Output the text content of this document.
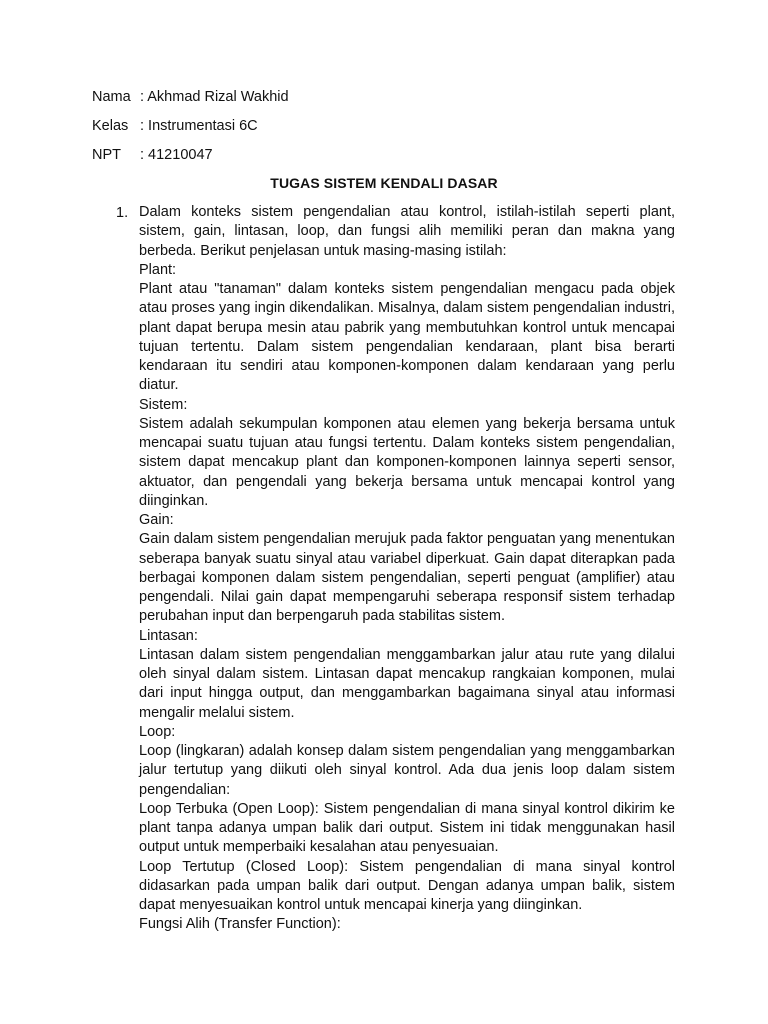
Nama : Akhmad Rizal Wakhid
Kelas : Instrumentasi 6C
NPT : 41210047
TUGAS SISTEM KENDALI DASAR
1. Dalam konteks sistem pengendalian atau kontrol, istilah-istilah seperti plant, sistem, gain, lintasan, loop, dan fungsi alih memiliki peran dan makna yang berbeda. Berikut penjelasan untuk masing-masing istilah:

Plant:

Plant atau "tanaman" dalam konteks sistem pengendalian mengacu pada objek atau proses yang ingin dikendalikan. Misalnya, dalam sistem pengendalian industri, plant dapat berupa mesin atau pabrik yang membutuhkan kontrol untuk mencapai tujuan tertentu. Dalam sistem pengendalian kendaraan, plant bisa berarti kendaraan itu sendiri atau komponen-komponen dalam kendaraan yang perlu diatur.

Sistem:

Sistem adalah sekumpulan komponen atau elemen yang bekerja bersama untuk mencapai suatu tujuan atau fungsi tertentu. Dalam konteks sistem pengendalian, sistem dapat mencakup plant dan komponen-komponen lainnya seperti sensor, aktuator, dan pengendali yang bekerja bersama untuk mencapai kontrol yang diinginkan.

Gain:

Gain dalam sistem pengendalian merujuk pada faktor penguatan yang menentukan seberapa banyak suatu sinyal atau variabel diperkuat. Gain dapat diterapkan pada berbagai komponen dalam sistem pengendalian, seperti penguat (amplifier) atau pengendali. Nilai gain dapat mempengaruhi seberapa responsif sistem terhadap perubahan input dan berpengaruh pada stabilitas sistem.

Lintasan:

Lintasan dalam sistem pengendalian menggambarkan jalur atau rute yang dilalui oleh sinyal dalam sistem. Lintasan dapat mencakup rangkaian komponen, mulai dari input hingga output, dan menggambarkan bagaimana sinyal atau informasi mengalir melalui sistem.

Loop:

Loop (lingkaran) adalah konsep dalam sistem pengendalian yang menggambarkan jalur tertutup yang diikuti oleh sinyal kontrol. Ada dua jenis loop dalam sistem pengendalian:

Loop Terbuka (Open Loop): Sistem pengendalian di mana sinyal kontrol dikirim ke plant tanpa adanya umpan balik dari output. Sistem ini tidak menggunakan hasil output untuk memperbaiki kesalahan atau penyesuaian.

Loop Tertutup (Closed Loop): Sistem pengendalian di mana sinyal kontrol didasarkan pada umpan balik dari output. Dengan adanya umpan balik, sistem dapat menyesuaikan kontrol untuk mencapai kinerja yang diinginkan.

Fungsi Alih (Transfer Function):
